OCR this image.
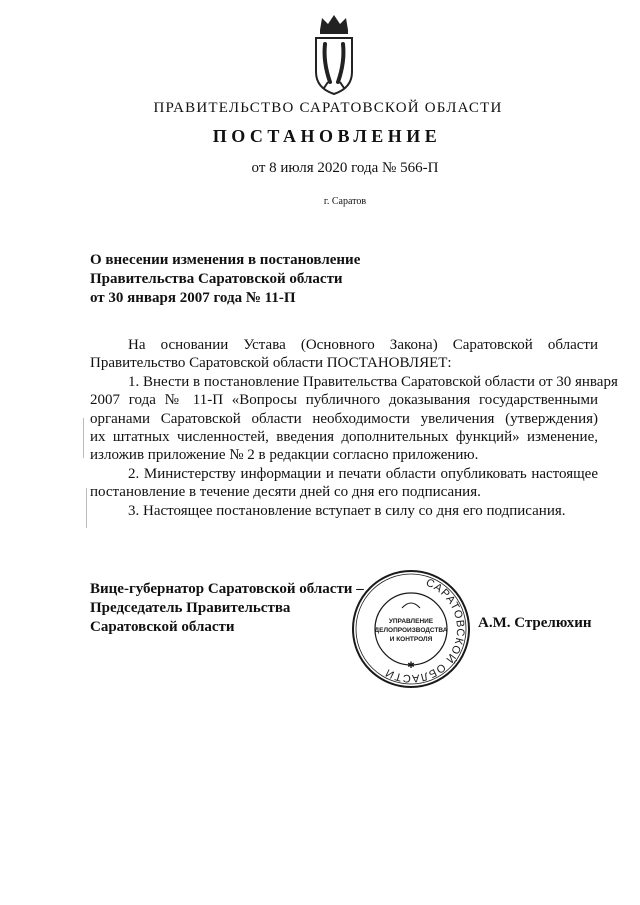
ПРАВИТЕЛЬСТВО САРАТОВСКОЙ ОБЛАСТИ
ПОСТАНОВЛЕНИЕ
от 8 июля 2020 года № 566-П
г. Саратов
О внесении изменения в постановление
Правительства Саратовской области
от 30 января 2007 года № 11-П
На основании Устава (Основного Закона) Саратовской области
Правительство Саратовской области ПОСТАНОВЛЯЕТ:
1. Внести в постановление Правительства Саратовской области от 30 января
2007 года № 11-П «Вопросы публичного доказывания государственными
органами Саратовской области необходимости увеличения (утверждения)
их штатных численностей, введения дополнительных функций» изменение,
изложив приложение № 2 в редакции согласно приложению.
2. Министерству информации и печати области опубликовать настоящее
постановление в течение десяти дней со дня его подписания.
3. Настоящее постановление вступает в силу со дня его подписания.
Вице-губернатор Саратовской области –
Председатель Правительства
Саратовской области	А.М. Стрелюхин
САРАТОВСКОЙ ОБЛАСТИ
УПРАВЛЕНИЕ
ДЕЛОПРОИЗВОДСТВА
И КОНТРОЛЯ
✱
